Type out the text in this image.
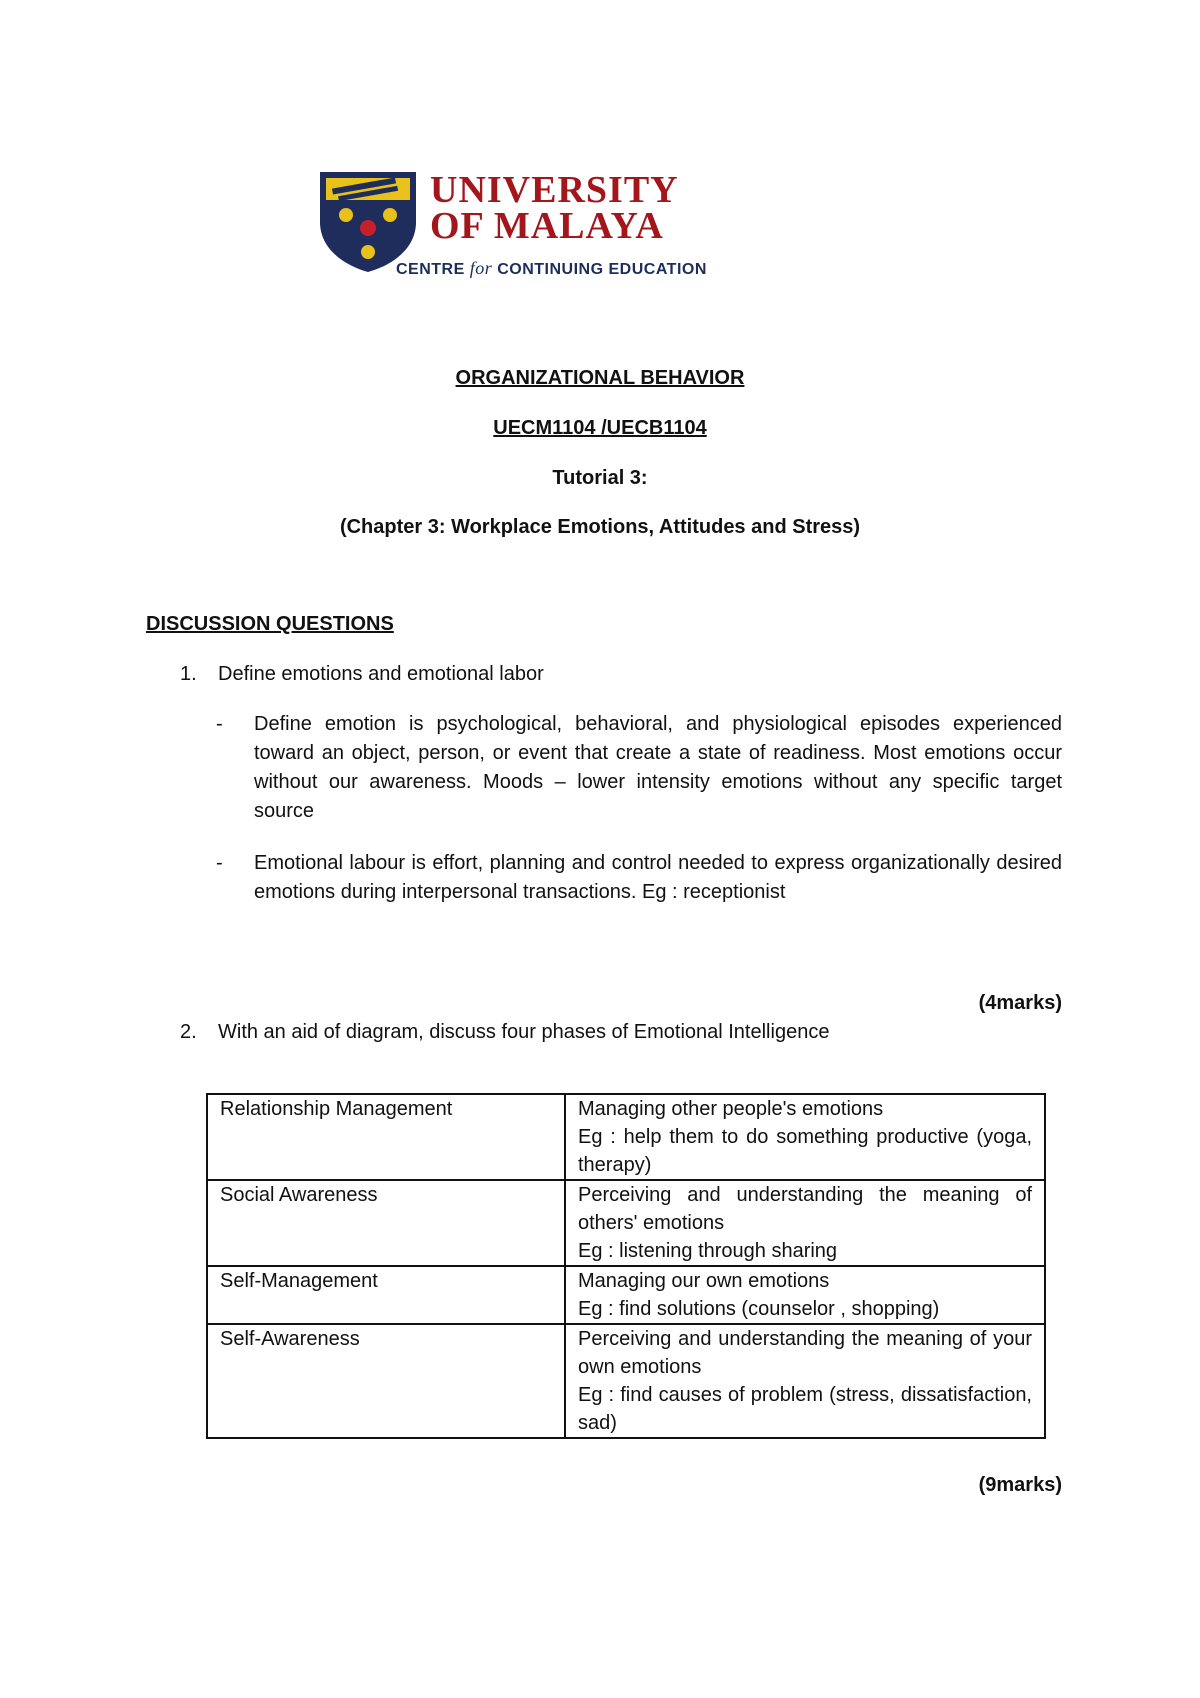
UNIVERSITY
OF MALAYA
CENTRE for CONTINUING EDUCATION
ORGANIZATIONAL BEHAVIOR
UECM1104 /UECB1104
Tutorial 3:
(Chapter 3: Workplace Emotions, Attitudes and Stress)
DISCUSSION QUESTIONS
1. Define emotions and emotional labor
- Define emotion is psychological, behavioral, and physiological episodes experienced toward an object, person, or event that create a state of readiness. Most emotions occur without our awareness. Moods – lower intensity emotions without any specific target source
- Emotional labour is effort, planning and control needed to express organizationally desired emotions during interpersonal transactions. Eg : receptionist
(4marks)
2. With an aid of diagram, discuss four phases of Emotional Intelligence
Relationship Management	Managing other people's emotions
Eg : help them to do something productive (yoga, therapy)

Social Awareness	Perceiving and understanding the meaning of others' emotions
Eg : listening through sharing

Self-Management	Managing our own emotions
Eg : find solutions (counselor , shopping)

Self-Awareness	Perceiving and understanding the meaning of your own emotions
Eg : find causes of problem (stress, dissatisfaction, sad)
(9marks)
